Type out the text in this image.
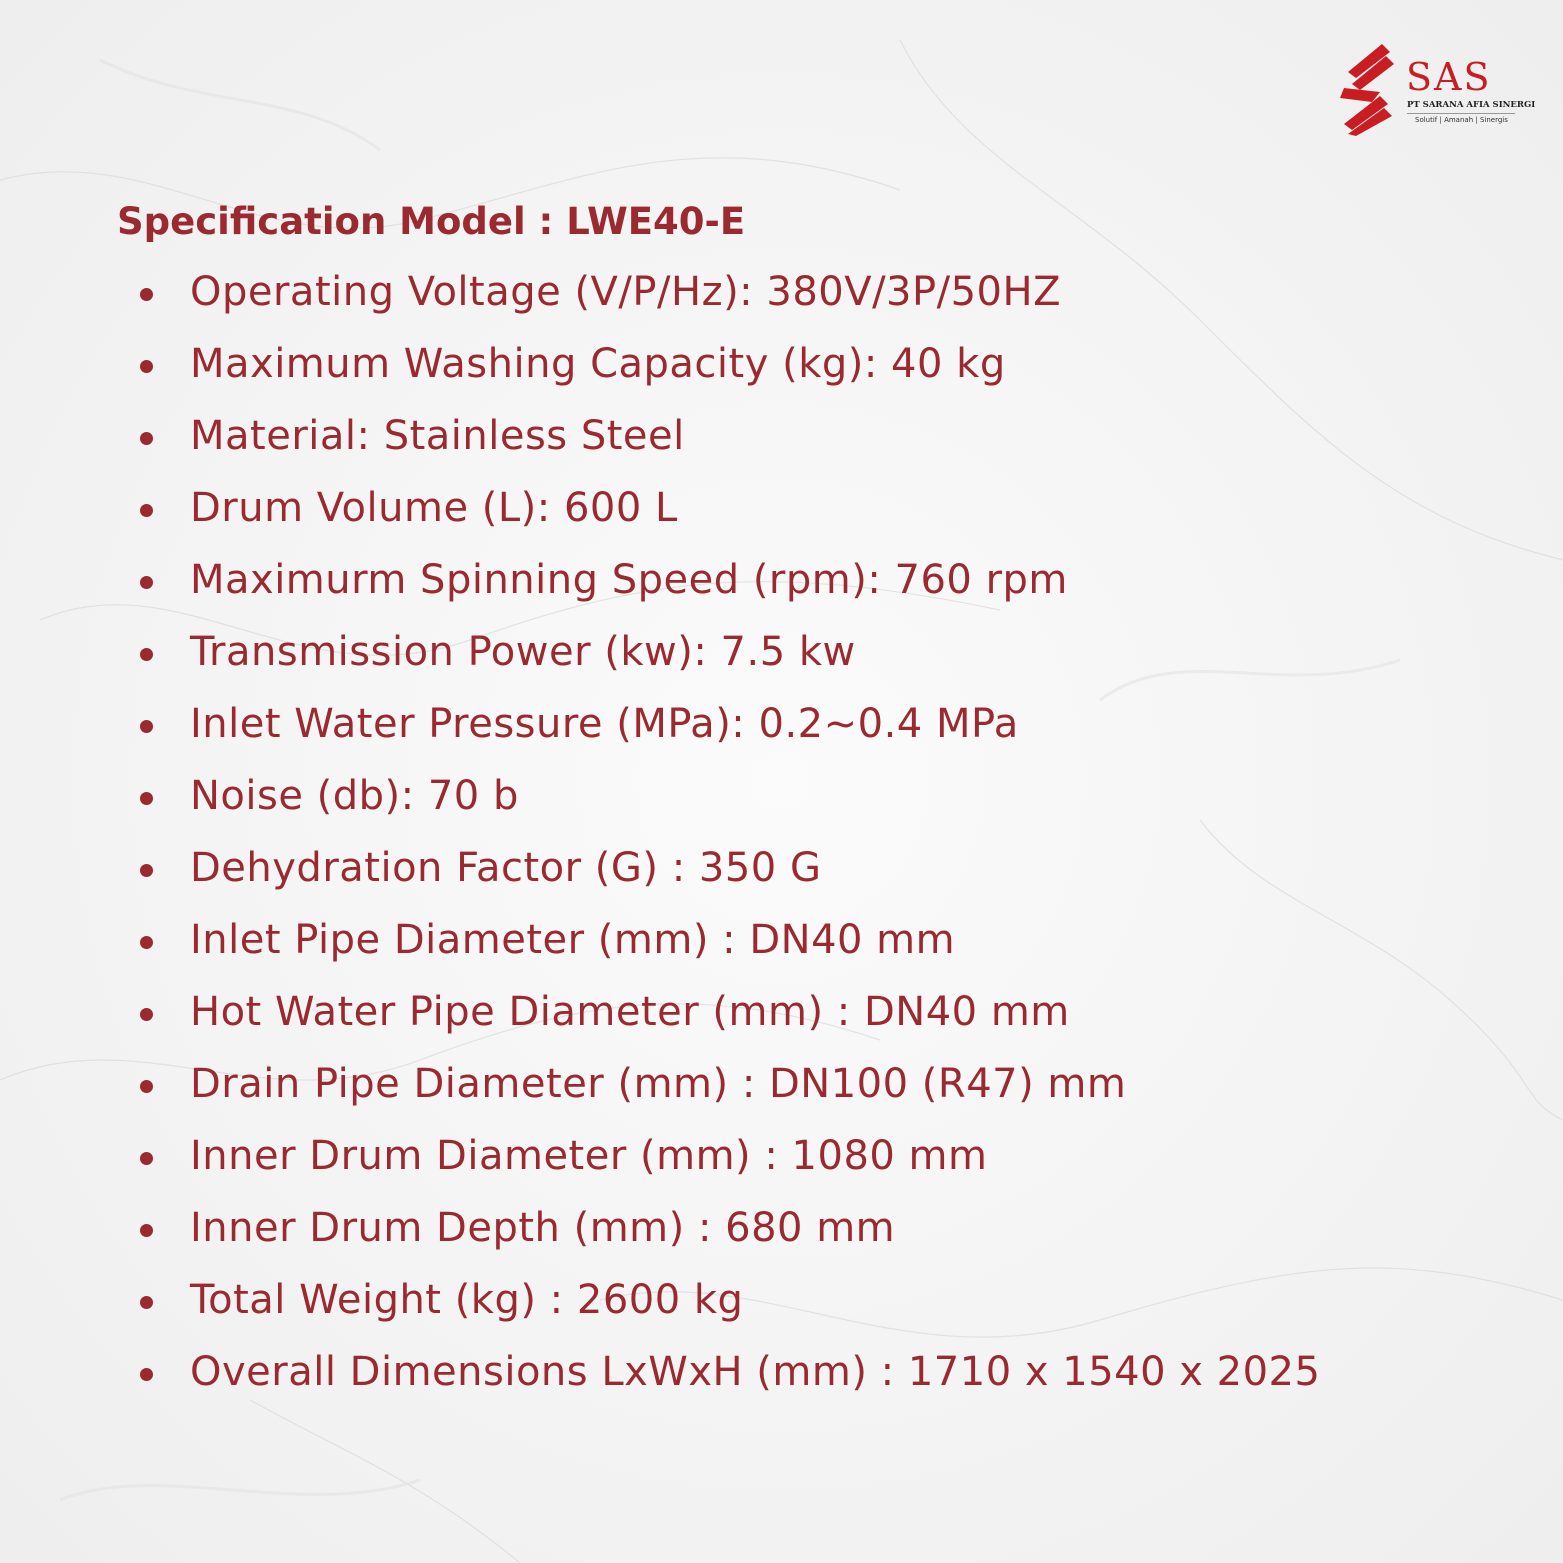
SAS
PT SARANA AFIA SINERGI
Solutif | Amanah | Sinergis
Specification Model : LWE40-E
Operating Voltage (V/P/Hz): 380V/3P/50HZ
Maximum Washing Capacity (kg): 40 kg
Material: Stainless Steel
Drum Volume (L): 600 L
Maximurm Spinning Speed (rpm): 760 rpm
Transmission Power (kw): 7.5 kw
Inlet Water Pressure (MPa): 0.2~0.4 MPa
Noise (db): 70 b
Dehydration Factor (G) : 350 G
Inlet Pipe Diameter (mm) : DN40 mm
Hot Water Pipe Diameter (mm) : DN40 mm
Drain Pipe Diameter (mm) : DN100 (R47) mm
Inner Drum Diameter (mm) : 1080 mm
Inner Drum Depth (mm) : 680 mm
Total Weight (kg) : 2600 kg
Overall Dimensions LxWxH (mm) : 1710 x 1540 x 2025
